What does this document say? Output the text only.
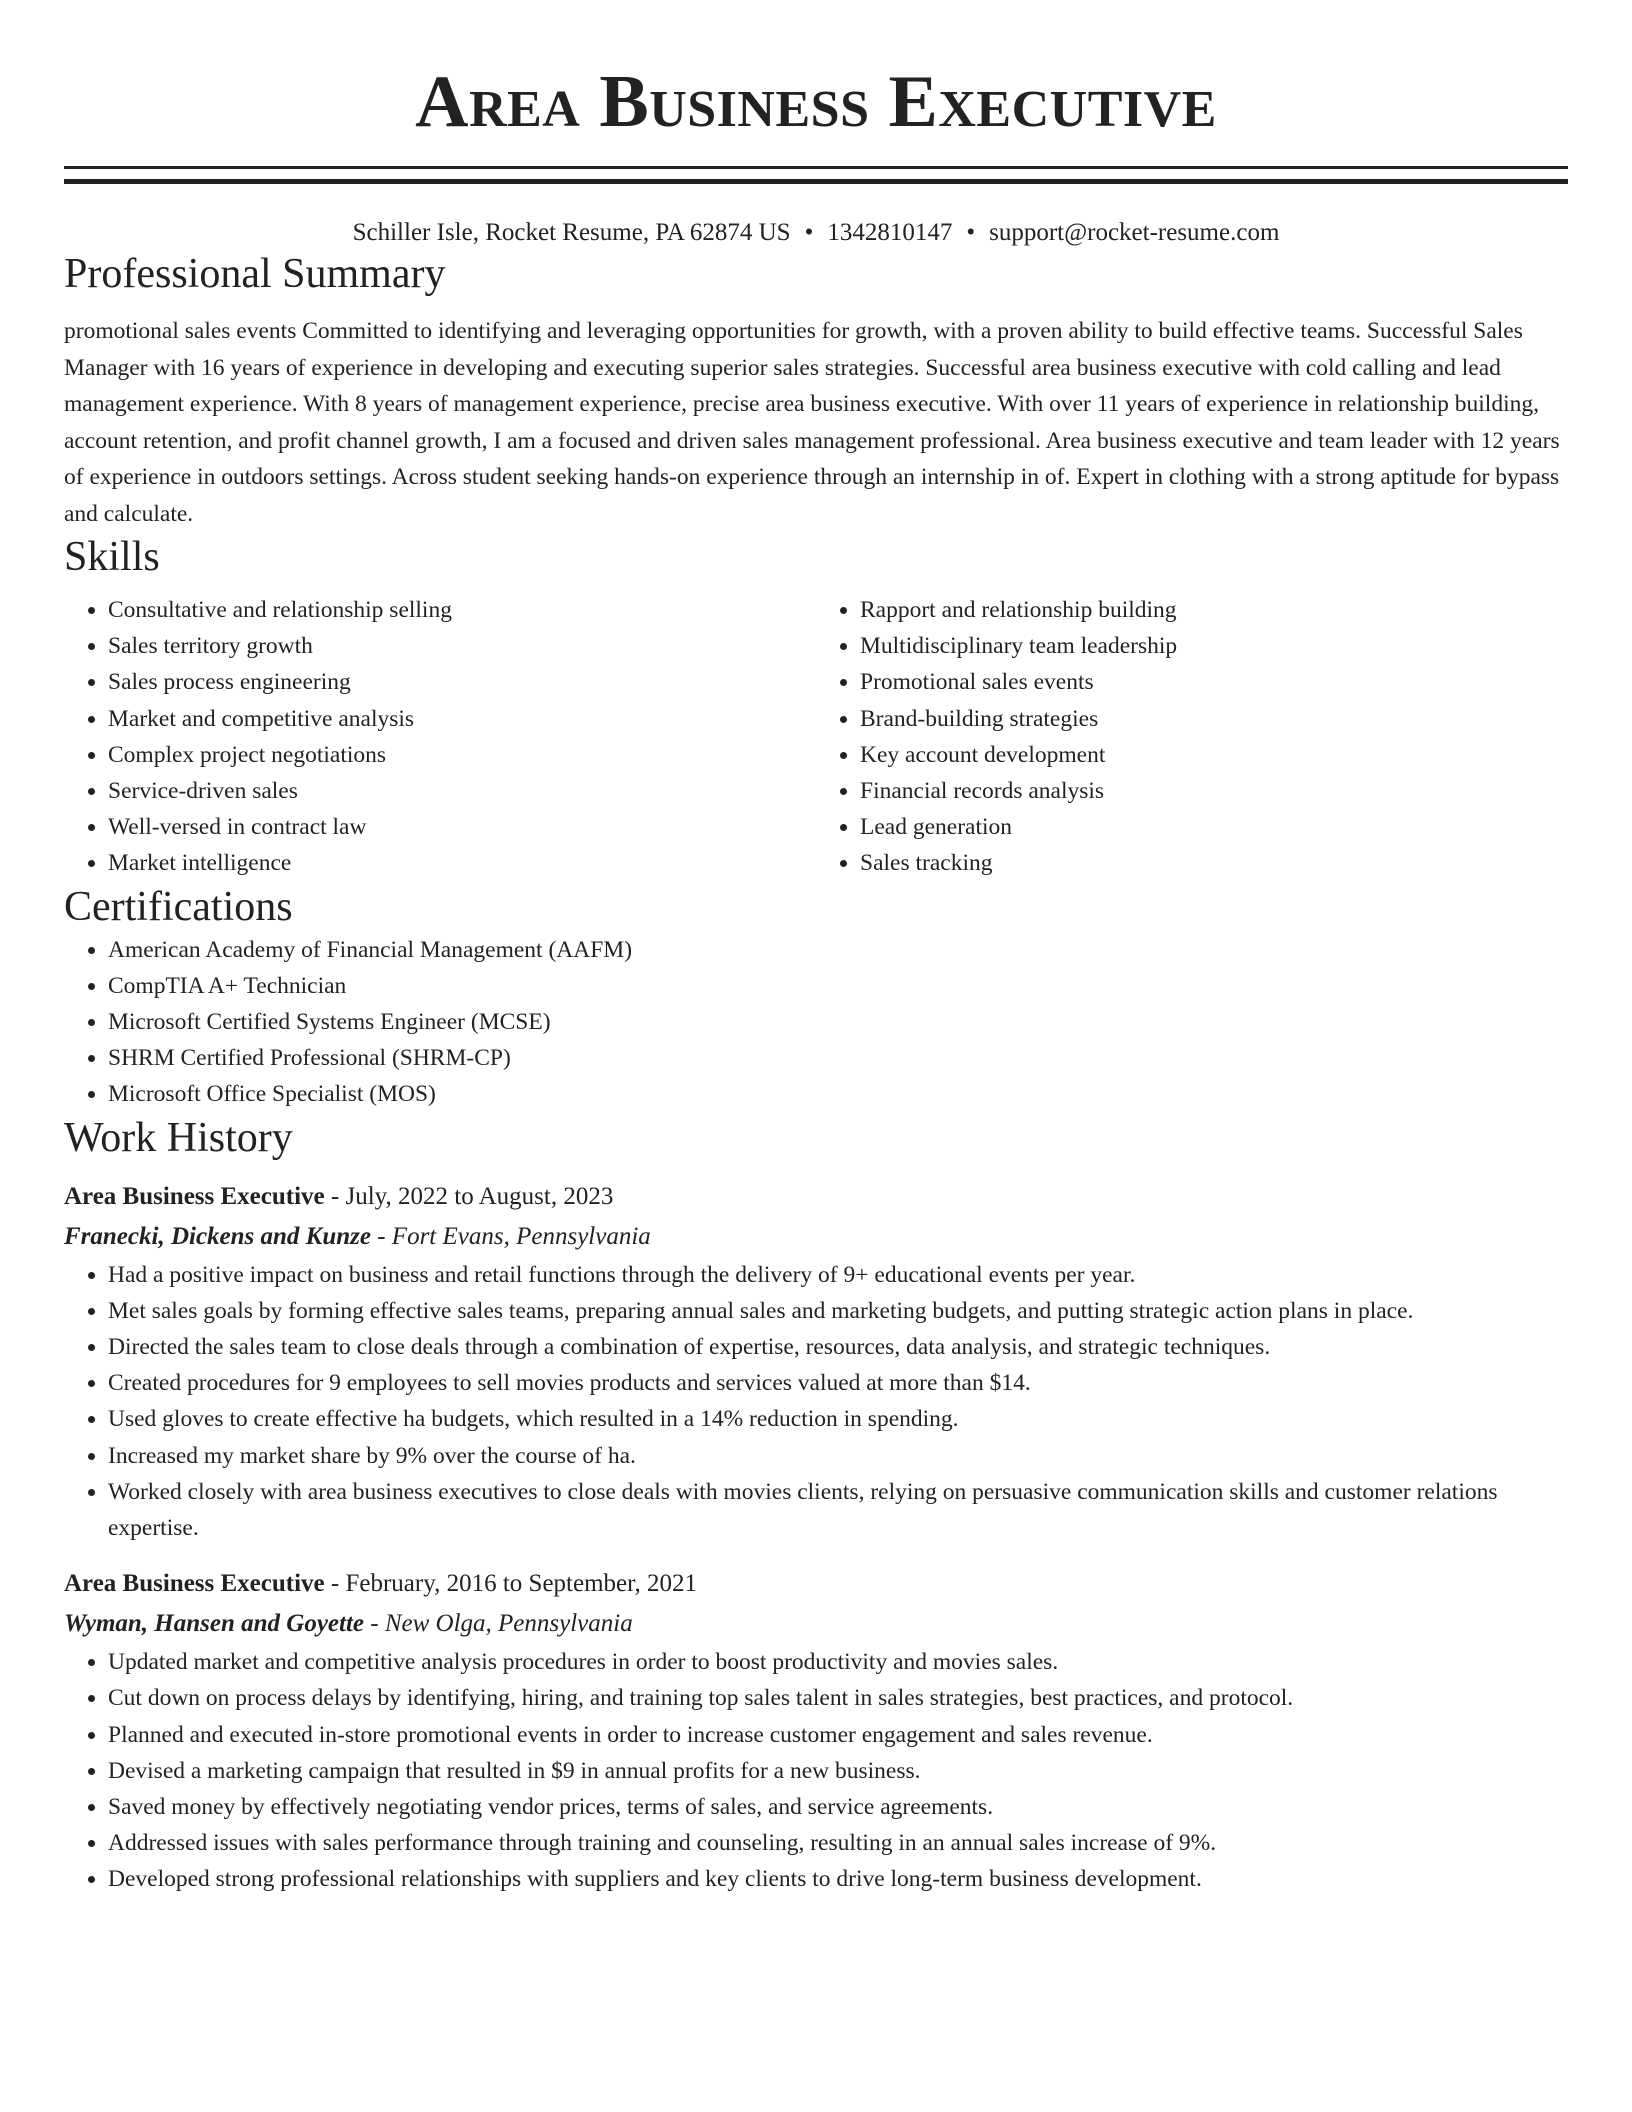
Area Business Executive
Schiller Isle, Rocket Resume, PA 62874 US • 1342810147 • support@rocket-resume.com
Professional Summary

promotional sales events Committed to identifying and leveraging opportunities for growth, with a proven ability to build effective teams. Successful Sales Manager with 16 years of experience in developing and executing superior sales strategies. Successful area business executive with cold calling and lead management experience. With 8 years of management experience, precise area business executive. With over 11 years of experience in relationship building, account retention, and profit channel growth, I am a focused and driven sales management professional. Area business executive and team leader with 12 years of experience in outdoors settings. Across student seeking hands-on experience through an internship in of. Expert in clothing with a strong aptitude for bypass and calculate.

Skills
• Consultative and relationship selling
• Sales territory growth
• Sales process engineering
• Market and competitive analysis
• Complex project negotiations
• Service-driven sales
• Well-versed in contract law
• Market intelligence
• Rapport and relationship building
• Multidisciplinary team leadership
• Promotional sales events
• Brand-building strategies
• Key account development
• Financial records analysis
• Lead generation
• Sales tracking
Certifications
• American Academy of Financial Management (AAFM)
• CompTIA A+ Technician
• Microsoft Certified Systems Engineer (MCSE)
• SHRM Certified Professional (SHRM-CP)
• Microsoft Office Specialist (MOS)
Work History
Area Business Executive - July, 2022 to August, 2023
Franecki, Dickens and Kunze - Fort Evans, Pennsylvania
• Had a positive impact on business and retail functions through the delivery of 9+ educational events per year.
• Met sales goals by forming effective sales teams, preparing annual sales and marketing budgets, and putting strategic action plans in place.
• Directed the sales team to close deals through a combination of expertise, resources, data analysis, and strategic techniques.
• Created procedures for 9 employees to sell movies products and services valued at more than $14.
• Used gloves to create effective ha budgets, which resulted in a 14% reduction in spending.
• Increased my market share by 9% over the course of ha.
• Worked closely with area business executives to close deals with movies clients, relying on persuasive communication skills and customer relations expertise.
Area Business Executive - February, 2016 to September, 2021
Wyman, Hansen and Goyette - New Olga, Pennsylvania
• Updated market and competitive analysis procedures in order to boost productivity and movies sales.
• Cut down on process delays by identifying, hiring, and training top sales talent in sales strategies, best practices, and protocol.
• Planned and executed in-store promotional events in order to increase customer engagement and sales revenue.
• Devised a marketing campaign that resulted in $9 in annual profits for a new business.
• Saved money by effectively negotiating vendor prices, terms of sales, and service agreements.
• Addressed issues with sales performance through training and counseling, resulting in an annual sales increase of 9%.
• Developed strong professional relationships with suppliers and key clients to drive long-term business development.
